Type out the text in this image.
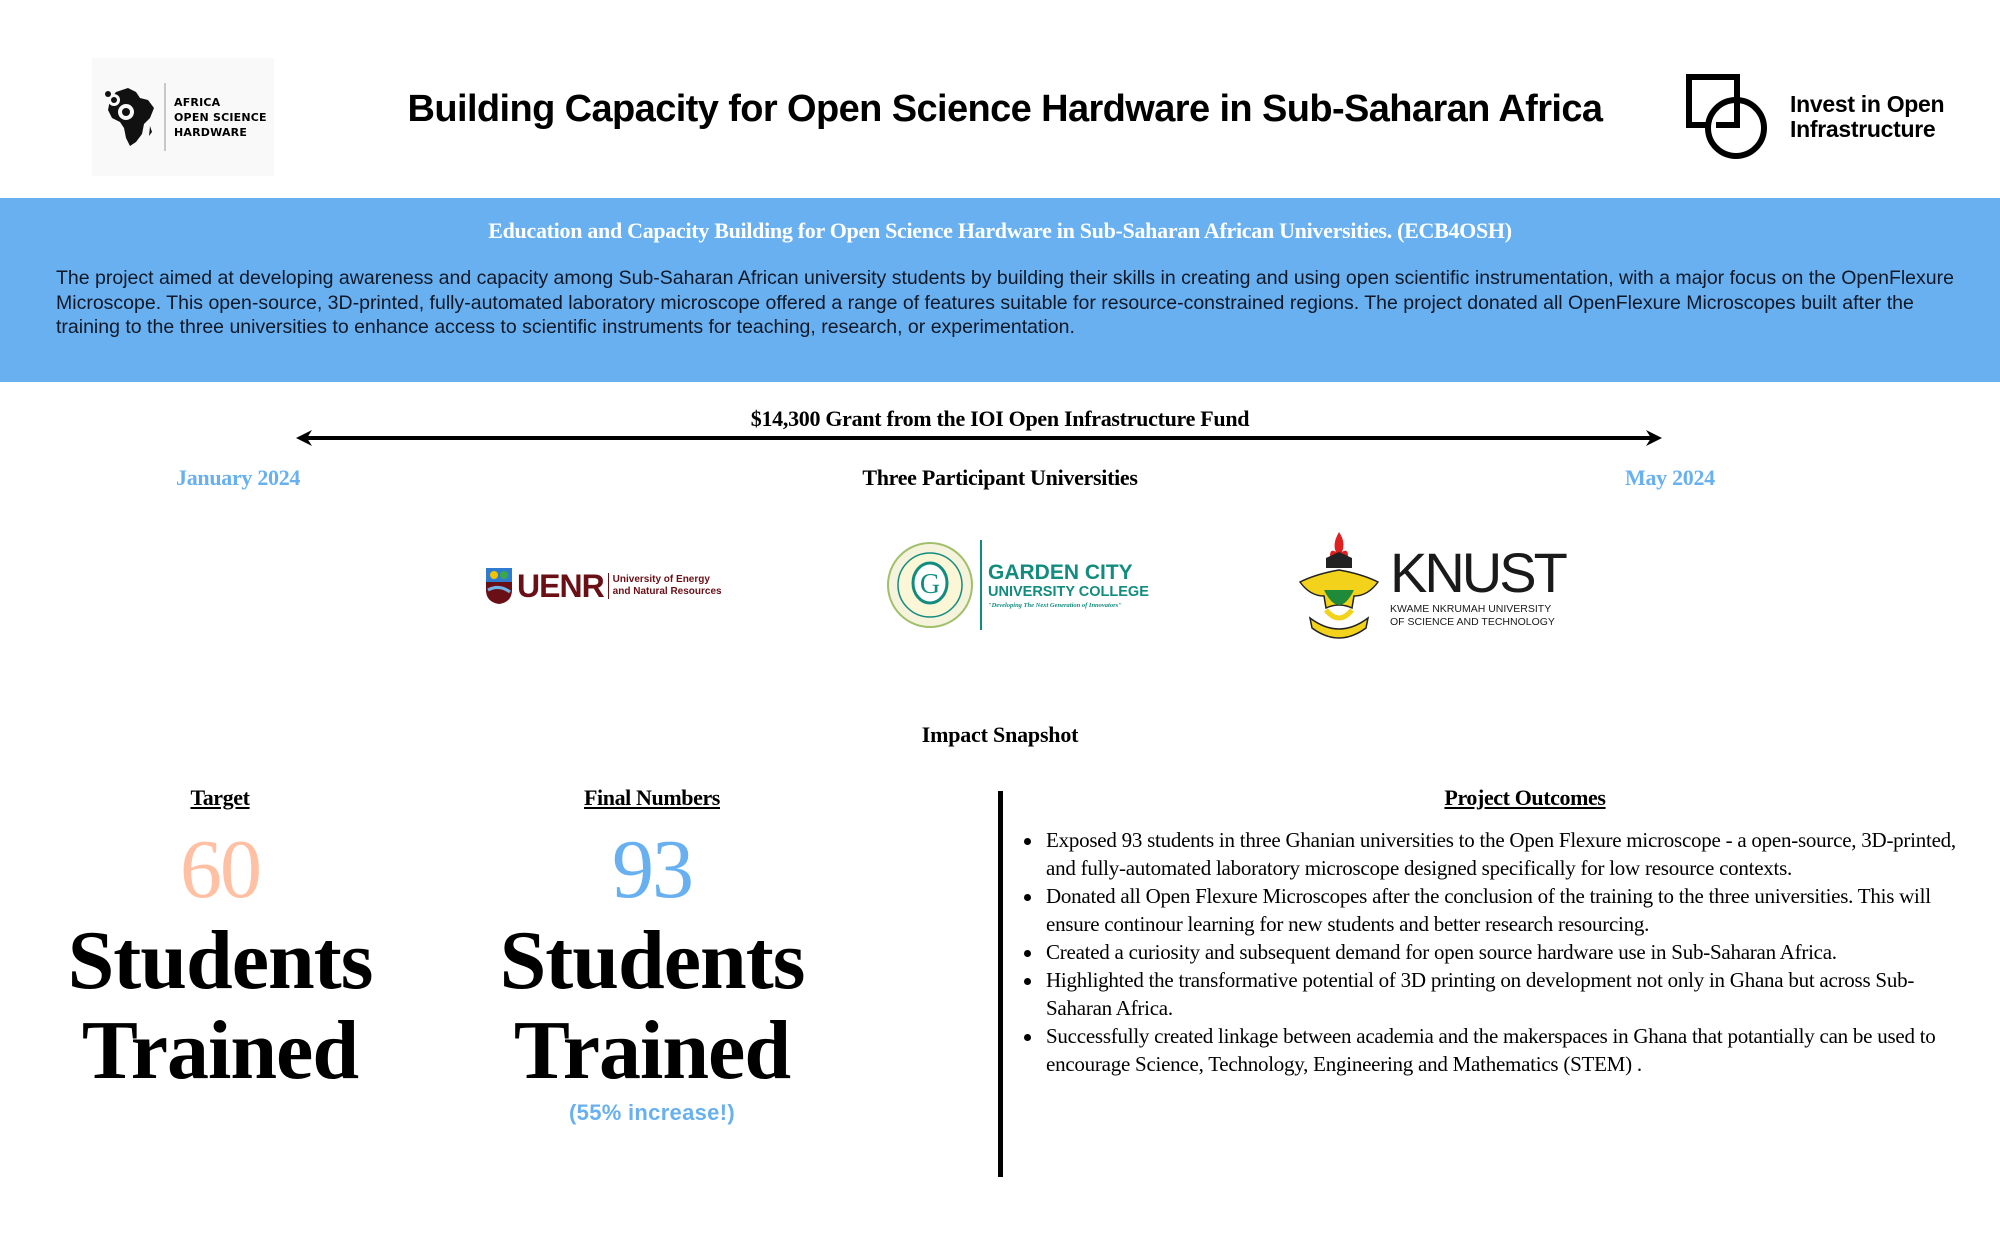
AFRICA
OPEN SCIENCE
HARDWARE
Building Capacity for Open Science Hardware in Sub-Saharan Africa	Invest in Open
Infrastructure
Education and Capacity Building for Open Science Hardware in Sub-Saharan African Universities. (ECB4OSH)

The project aimed at developing awareness and capacity among Sub-Saharan African university students by building their skills in creating and using open scientific instrumentation, with a major focus on the OpenFlexure Microscope. This open-source, 3D-printed, fully-automated laboratory microscope offered a range of features suitable for resource-constrained regions. The project donated all OpenFlexure Microscopes built after the training to the three universities to enhance access to scientific instruments for teaching, research, or experimentation.

$14,300 Grant from the IOI Open Infrastructure Fund
January 2024	Three Participant Universities	May 2024
UENR University of Energy
and Natural Resources	G GARDEN CITY
UNIVERSITY COLLEGE
"Developing The Next Generation of Innovators"
KNUST
KWAME NKRUMAH UNIVERSITY
OF SCIENCE AND TECHNOLOGY
Impact Snapshot
Target
60
Students
Trained
Final Numbers
93
Students
Trained
(55% increase!)
Project Outcomes
Exposed 93 students in three Ghanian universities to the Open Flexure microscope - a open-source, 3D-printed, and fully-automated laboratory microscope designed specifically for low resource contexts.
Donated all Open Flexure Microscopes after the conclusion of the training to the three universities. This will ensure continour learning for new students and better research resourcing.
Created a curiosity and subsequent demand for open source hardware use in Sub-Saharan Africa.
Highlighted the transformative potential of 3D printing on development not only in Ghana but across Sub-Saharan Africa.
Successfully created linkage between academia and the makerspaces in Ghana that potantially can be used to encourage Science, Technology, Engineering and Mathematics (STEM) .
